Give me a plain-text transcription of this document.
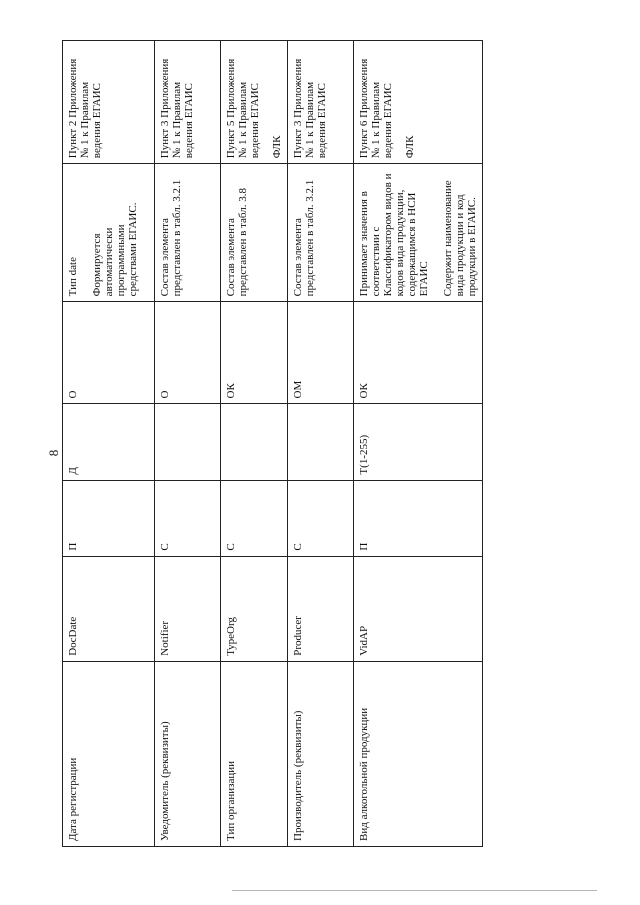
8
Дата регистрации	DocDate	П	Д	О	Тип date Формируется автоматически программными средствами ЕГАИС.	Пункт 2 Приложения № 1 к Правилам ведения ЕГАИС

Уведомитель (реквизиты)	Notifier	С		О	Состав элемента представлен в табл. 3.2.1	Пункт 3 Приложения № 1 к Правилам ведения ЕГАИС

Тип организации	TypeOrg	С		ОК	Состав элемента представлен в табл. 3.8	Пункт 5 Приложения № 1 к Правилам ведения ЕГАИС ФЛК

Производитель (реквизиты)	Producer	С		ОМ	Состав элемента представлен в табл. 3.2.1	Пункт 3 Приложения № 1 к Правилам ведения ЕГАИС

Вид алкогольной продукции	VidAP	П	T(1-255)	ОК	Принимает значения в соответствии с Классификатором видов и кодов вида продукции, содержащимся в НСИ ЕГАИС Содержит наименование вида продукции и код продукции в ЕГАИС.	Пункт 6 Приложения № 1 к Правилам ведения ЕГАИС ФЛК
